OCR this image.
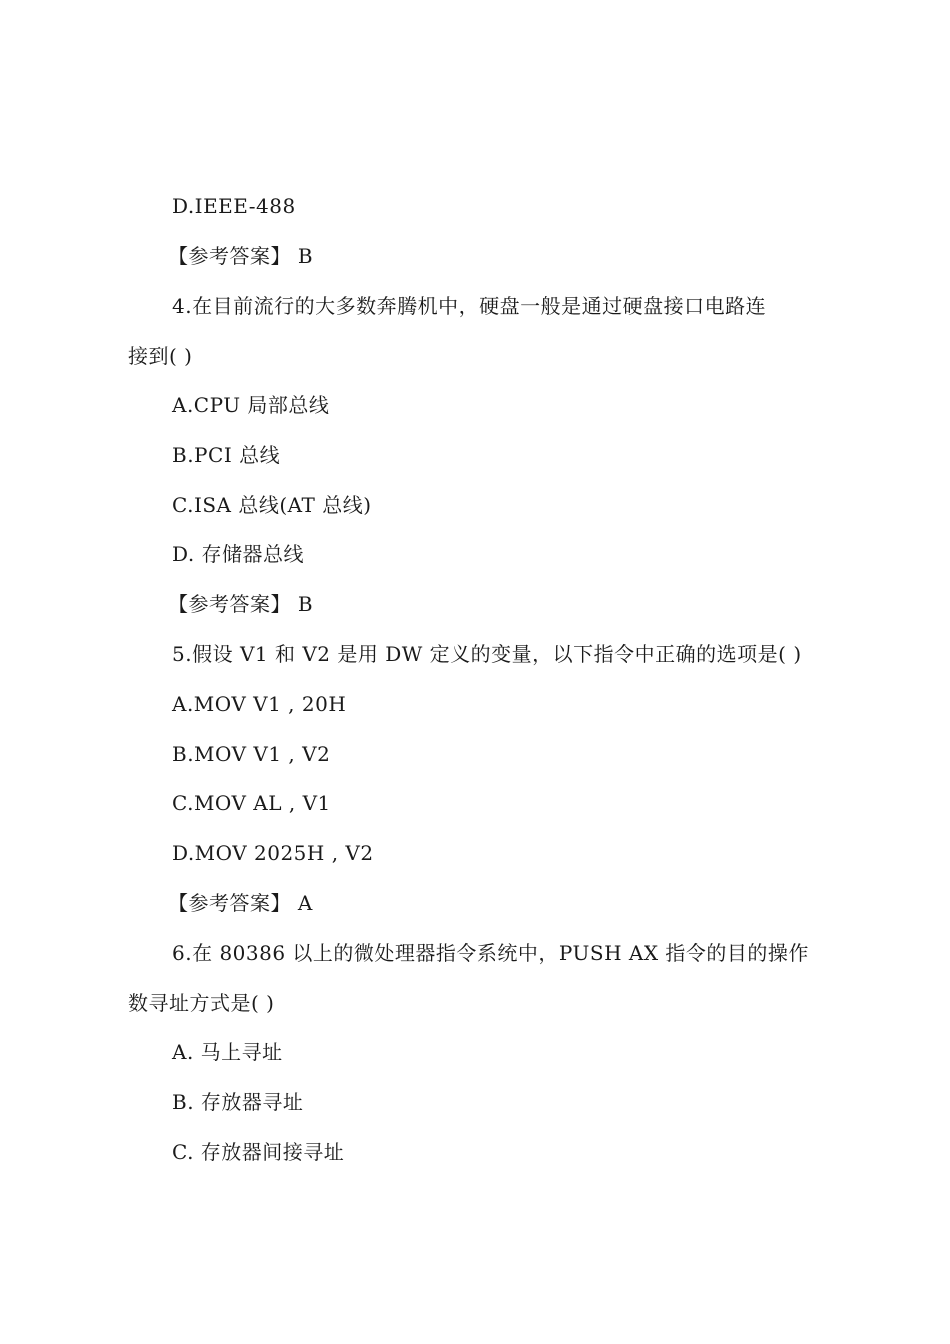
D.IEEE-488
【参考答案】 B
4.在目前流行的大多数奔腾机中，硬盘一般是通过硬盘接口电路连
接到( )
A.CPU 局部总线
B.PCI 总线
C.ISA 总线(AT 总线)
D. 存储器总线
【参考答案】 B
5.假设 V1 和 V2 是用 DW 定义的变量，以下指令中正确的选项是( )
A.MOV V1 , 20H
B.MOV V1 , V2
C.MOV AL , V1
D.MOV 2025H , V2
【参考答案】 A
6.在 80386 以上的微处理器指令系统中，PUSH AX 指令的目的操作
数寻址方式是( )
A. 马上寻址
B. 存放器寻址
C. 存放器间接寻址
